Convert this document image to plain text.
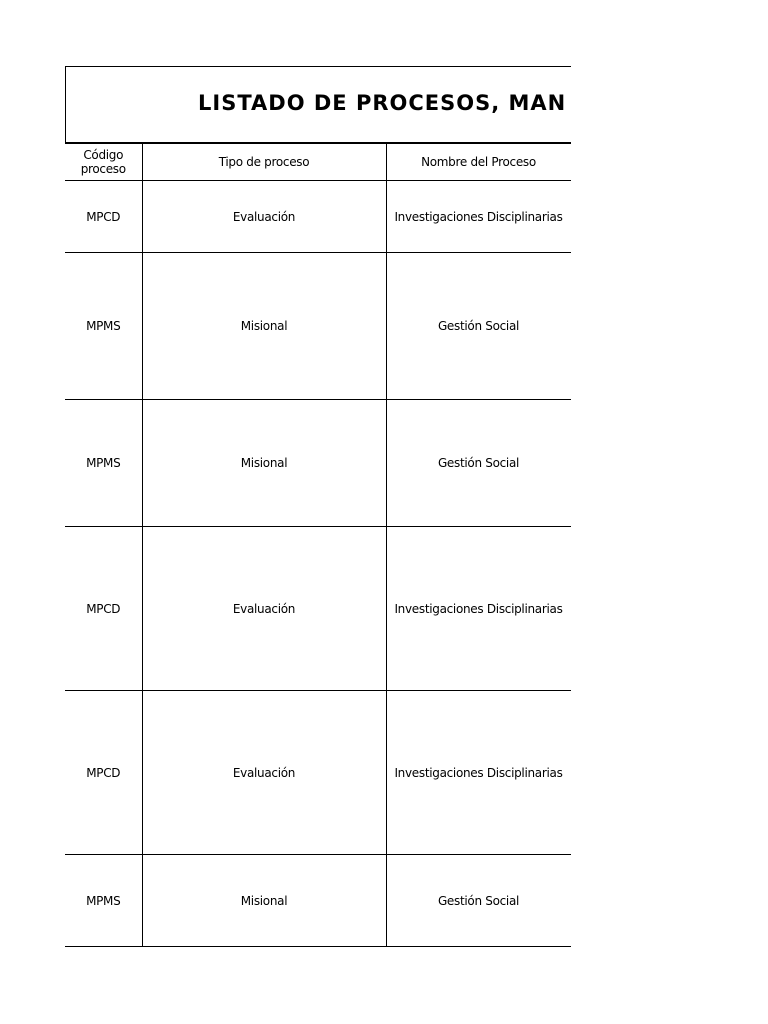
LISTADO DE PROCESOS, MAN
Código proceso	Tipo de proceso	Nombre del Proceso
MPCD	Evaluación	Investigaciones Disciplinarias
MPMS	Misional	Gestión Social
MPMS	Misional	Gestión Social
MPCD	Evaluación	Investigaciones Disciplinarias
MPCD	Evaluación	Investigaciones Disciplinarias
MPMS	Misional	Gestión Social
